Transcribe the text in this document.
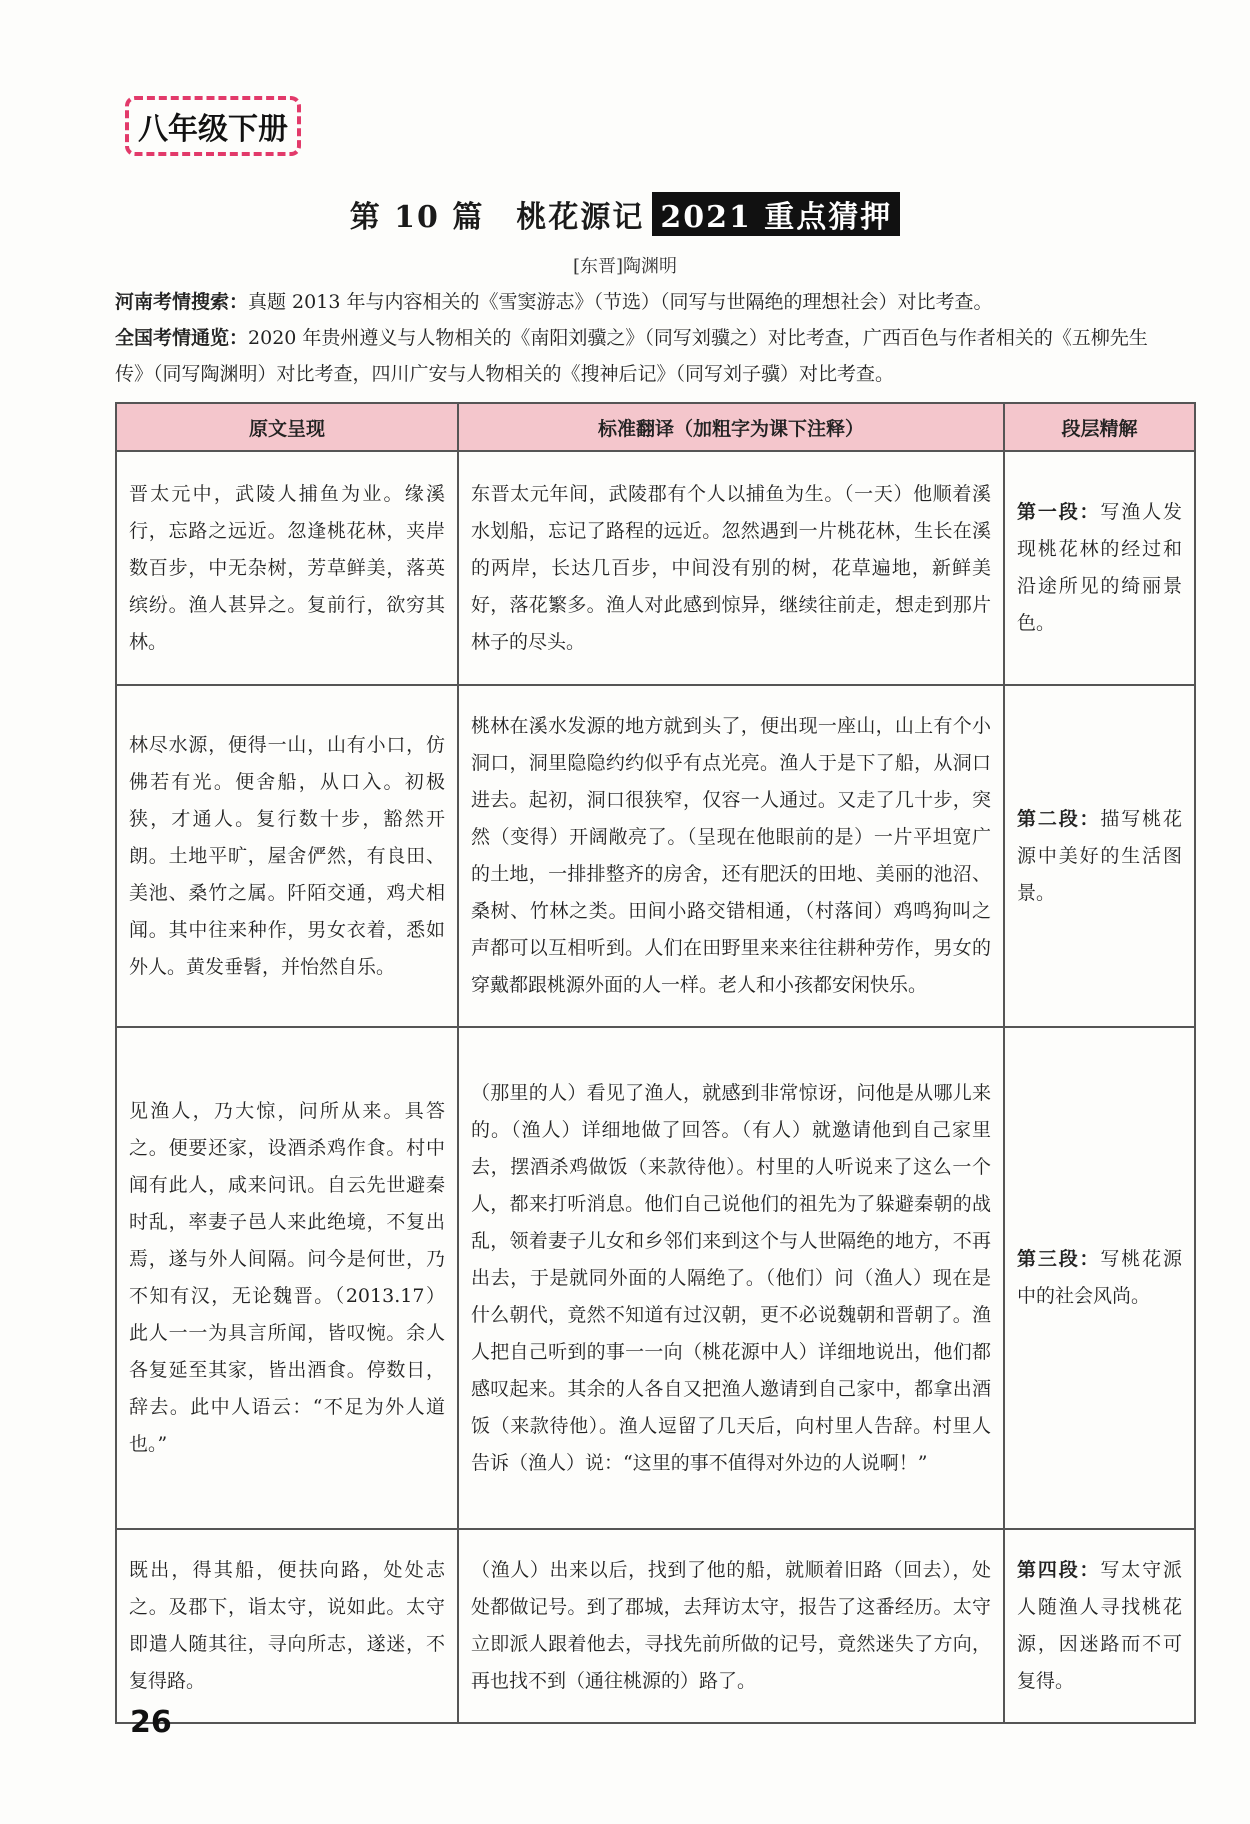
八年级下册
第 10 篇　桃花源记 2021 重点猜押
[东晋]陶渊明
河南考情搜索：真题 2013 年与内容相关的《雪窦游志》（节选）（同写与世隔绝的理想社会）对比考查。
全国考情通览：2020 年贵州遵义与人物相关的《南阳刘骥之》（同写刘骥之）对比考查，广西百色与作者相关的《五柳先生传》（同写陶渊明）对比考查，四川广安与人物相关的《搜神后记》（同写刘子骥）对比考查。
原文呈现	标准翻译（加粗字为课下注释）	段层精解
晋太元中，武陵人捕鱼为业。缘溪行，忘路之远近。忽逢桃花林，夹岸数百步，中无杂树，芳草鲜美，落英缤纷。渔人甚异之。复前行，欲穷其林。	东晋太元年间，武陵郡有个人以捕鱼为生。（一天）他顺着溪水划船，忘记了路程的远近。忽然遇到一片桃花林，生长在溪的两岸，长达几百步，中间没有别的树，花草遍地，新鲜美好，落花繁多。渔人对此感到惊异，继续往前走，想走到那片林子的尽头。	第一段：写渔人发现桃花林的经过和沿途所见的绮丽景色。
林尽水源，便得一山，山有小口，仿佛若有光。便舍船，从口入。初极狭，才通人。复行数十步，豁然开朗。土地平旷，屋舍俨然，有良田、美池、桑竹之属。阡陌交通，鸡犬相闻。其中往来种作，男女衣着，悉如外人。黄发垂髫，并怡然自乐。	桃林在溪水发源的地方就到头了，便出现一座山，山上有个小洞口，洞里隐隐约约似乎有点光亮。渔人于是下了船，从洞口进去。起初，洞口很狭窄，仅容一人通过。又走了几十步，突然（变得）开阔敞亮了。（呈现在他眼前的是）一片平坦宽广的土地，一排排整齐的房舍，还有肥沃的田地、美丽的池沼、桑树、竹林之类。田间小路交错相通，（村落间）鸡鸣狗叫之声都可以互相听到。人们在田野里来来往往耕种劳作，男女的穿戴都跟桃源外面的人一样。老人和小孩都安闲快乐。	第二段：描写桃花源中美好的生活图景。
见渔人，乃大惊，问所从来。具答之。便要还家，设酒杀鸡作食。村中闻有此人，咸来问讯。自云先世避秦时乱，率妻子邑人来此绝境，不复出焉，遂与外人间隔。问今是何世，乃不知有汉，无论魏晋。（2013.17）此人一一为具言所闻，皆叹惋。余人各复延至其家，皆出酒食。停数日，辞去。此中人语云：“不足为外人道也。”	（那里的人）看见了渔人，就感到非常惊讶，问他是从哪儿来的。（渔人）详细地做了回答。（有人）就邀请他到自己家里去，摆酒杀鸡做饭（来款待他）。村里的人听说来了这么一个人，都来打听消息。他们自己说他们的祖先为了躲避秦朝的战乱，领着妻子儿女和乡邻们来到这个与人世隔绝的地方，不再出去，于是就同外面的人隔绝了。（他们）问（渔人）现在是什么朝代，竟然不知道有过汉朝，更不必说魏朝和晋朝了。渔人把自己听到的事一一向（桃花源中人）详细地说出，他们都感叹起来。其余的人各自又把渔人邀请到自己家中，都拿出酒饭（来款待他）。渔人逗留了几天后，向村里人告辞。村里人告诉（渔人）说：“这里的事不值得对外边的人说啊！”	第三段：写桃花源中的社会风尚。
既出，得其船，便扶向路，处处志之。及郡下，诣太守，说如此。太守即遣人随其往，寻向所志，遂迷，不复得路。	（渔人）出来以后，找到了他的船，就顺着旧路（回去），处处都做记号。到了郡城，去拜访太守，报告了这番经历。太守立即派人跟着他去，寻找先前所做的记号，竟然迷失了方向，再也找不到（通往桃源的）路了。	第四段：写太守派人随渔人寻找桃花源，因迷路而不可复得。
26
